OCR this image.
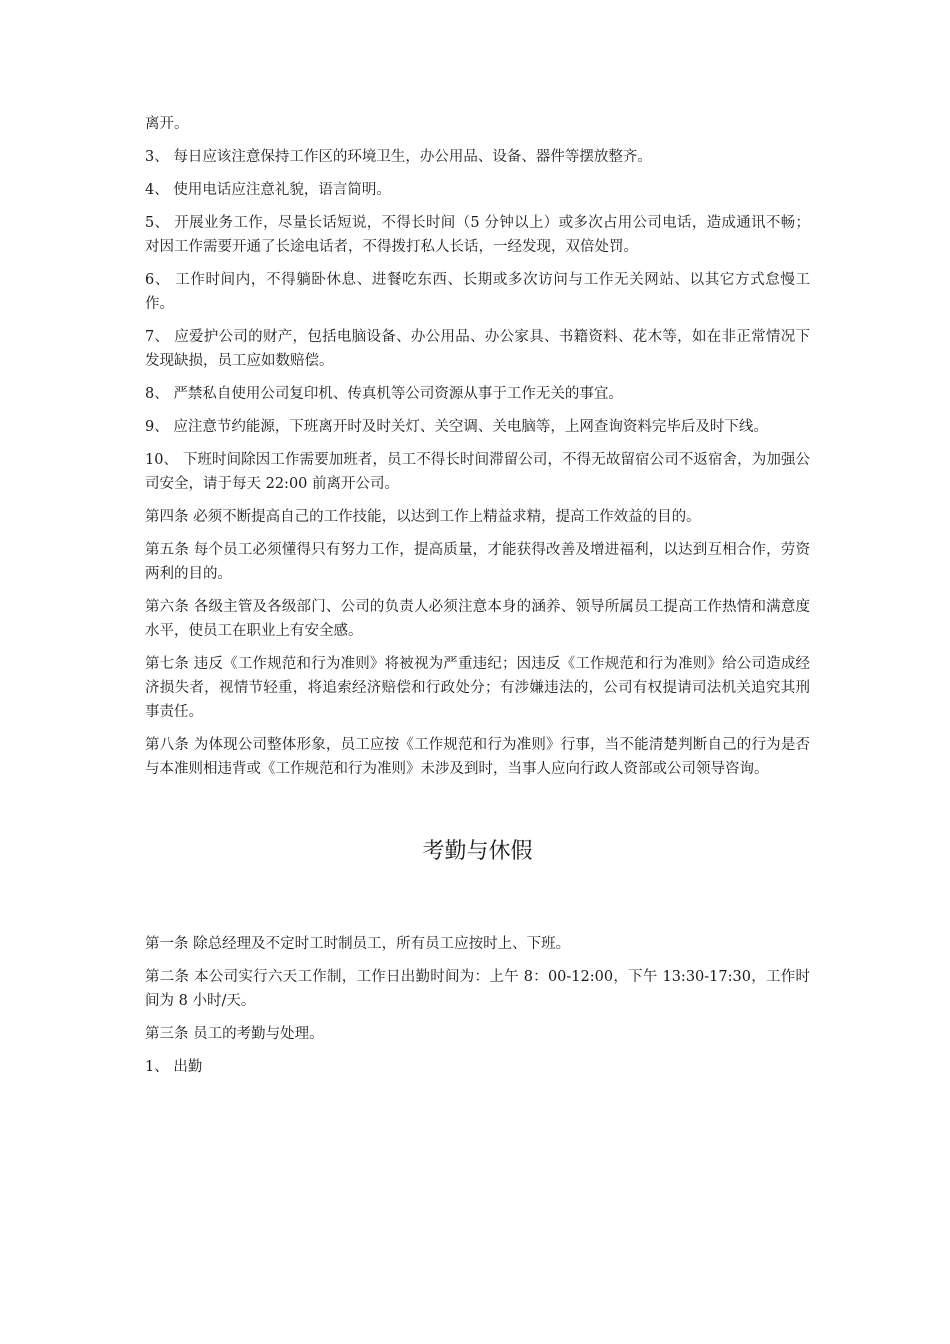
离开。

3、 每日应该注意保持工作区的环境卫生，办公用品、设备、器件等摆放整齐。

4、 使用电话应注意礼貌，语言简明。

5、 开展业务工作，尽量长话短说，不得长时间（5 分钟以上）或多次占用公司电话，造成通讯不畅；对因工作需要开通了长途电话者，不得拨打私人长话，一经发现，双倍处罚。

6、 工作时间内，不得躺卧休息、进餐吃东西、长期或多次访问与工作无关网站、以其它方式怠慢工作。

7、 应爱护公司的财产，包括电脑设备、办公用品、办公家具、书籍资料、花木等，如在非正常情况下发现缺损，员工应如数赔偿。

8、 严禁私自使用公司复印机、传真机等公司资源从事于工作无关的事宜。

9、 应注意节约能源，下班离开时及时关灯、关空调、关电脑等，上网查询资料完毕后及时下线。

10、 下班时间除因工作需要加班者，员工不得长时间滞留公司，不得无故留宿公司不返宿舍，为加强公司安全，请于每天 22:00 前离开公司。

第四条 必须不断提高自己的工作技能，以达到工作上精益求精，提高工作效益的目的。

第五条 每个员工必须懂得只有努力工作，提高质量，才能获得改善及增进福利，以达到互相合作，劳资两利的目的。

第六条 各级主管及各级部门、公司的负责人必须注意本身的涵养、领导所属员工提高工作热情和满意度水平，使员工在职业上有安全感。

第七条 违反《工作规范和行为准则》将被视为严重违纪；因违反《工作规范和行为准则》给公司造成经济损失者，视情节轻重，将追索经济赔偿和行政处分；有涉嫌违法的，公司有权提请司法机关追究其刑事责任。

第八条 为体现公司整体形象，员工应按《工作规范和行为准则》行事，当不能清楚判断自己的行为是否与本准则相违背或《工作规范和行为准则》未涉及到时，当事人应向行政人资部或公司领导咨询。

考勤与休假

第一条 除总经理及不定时工时制员工，所有员工应按时上、下班。

第二条 本公司实行六天工作制，工作日出勤时间为：上午 8：00-12:00，下午 13:30-17:30，工作时间为 8 小时/天。

第三条 员工的考勤与处理。

1、 出勤
